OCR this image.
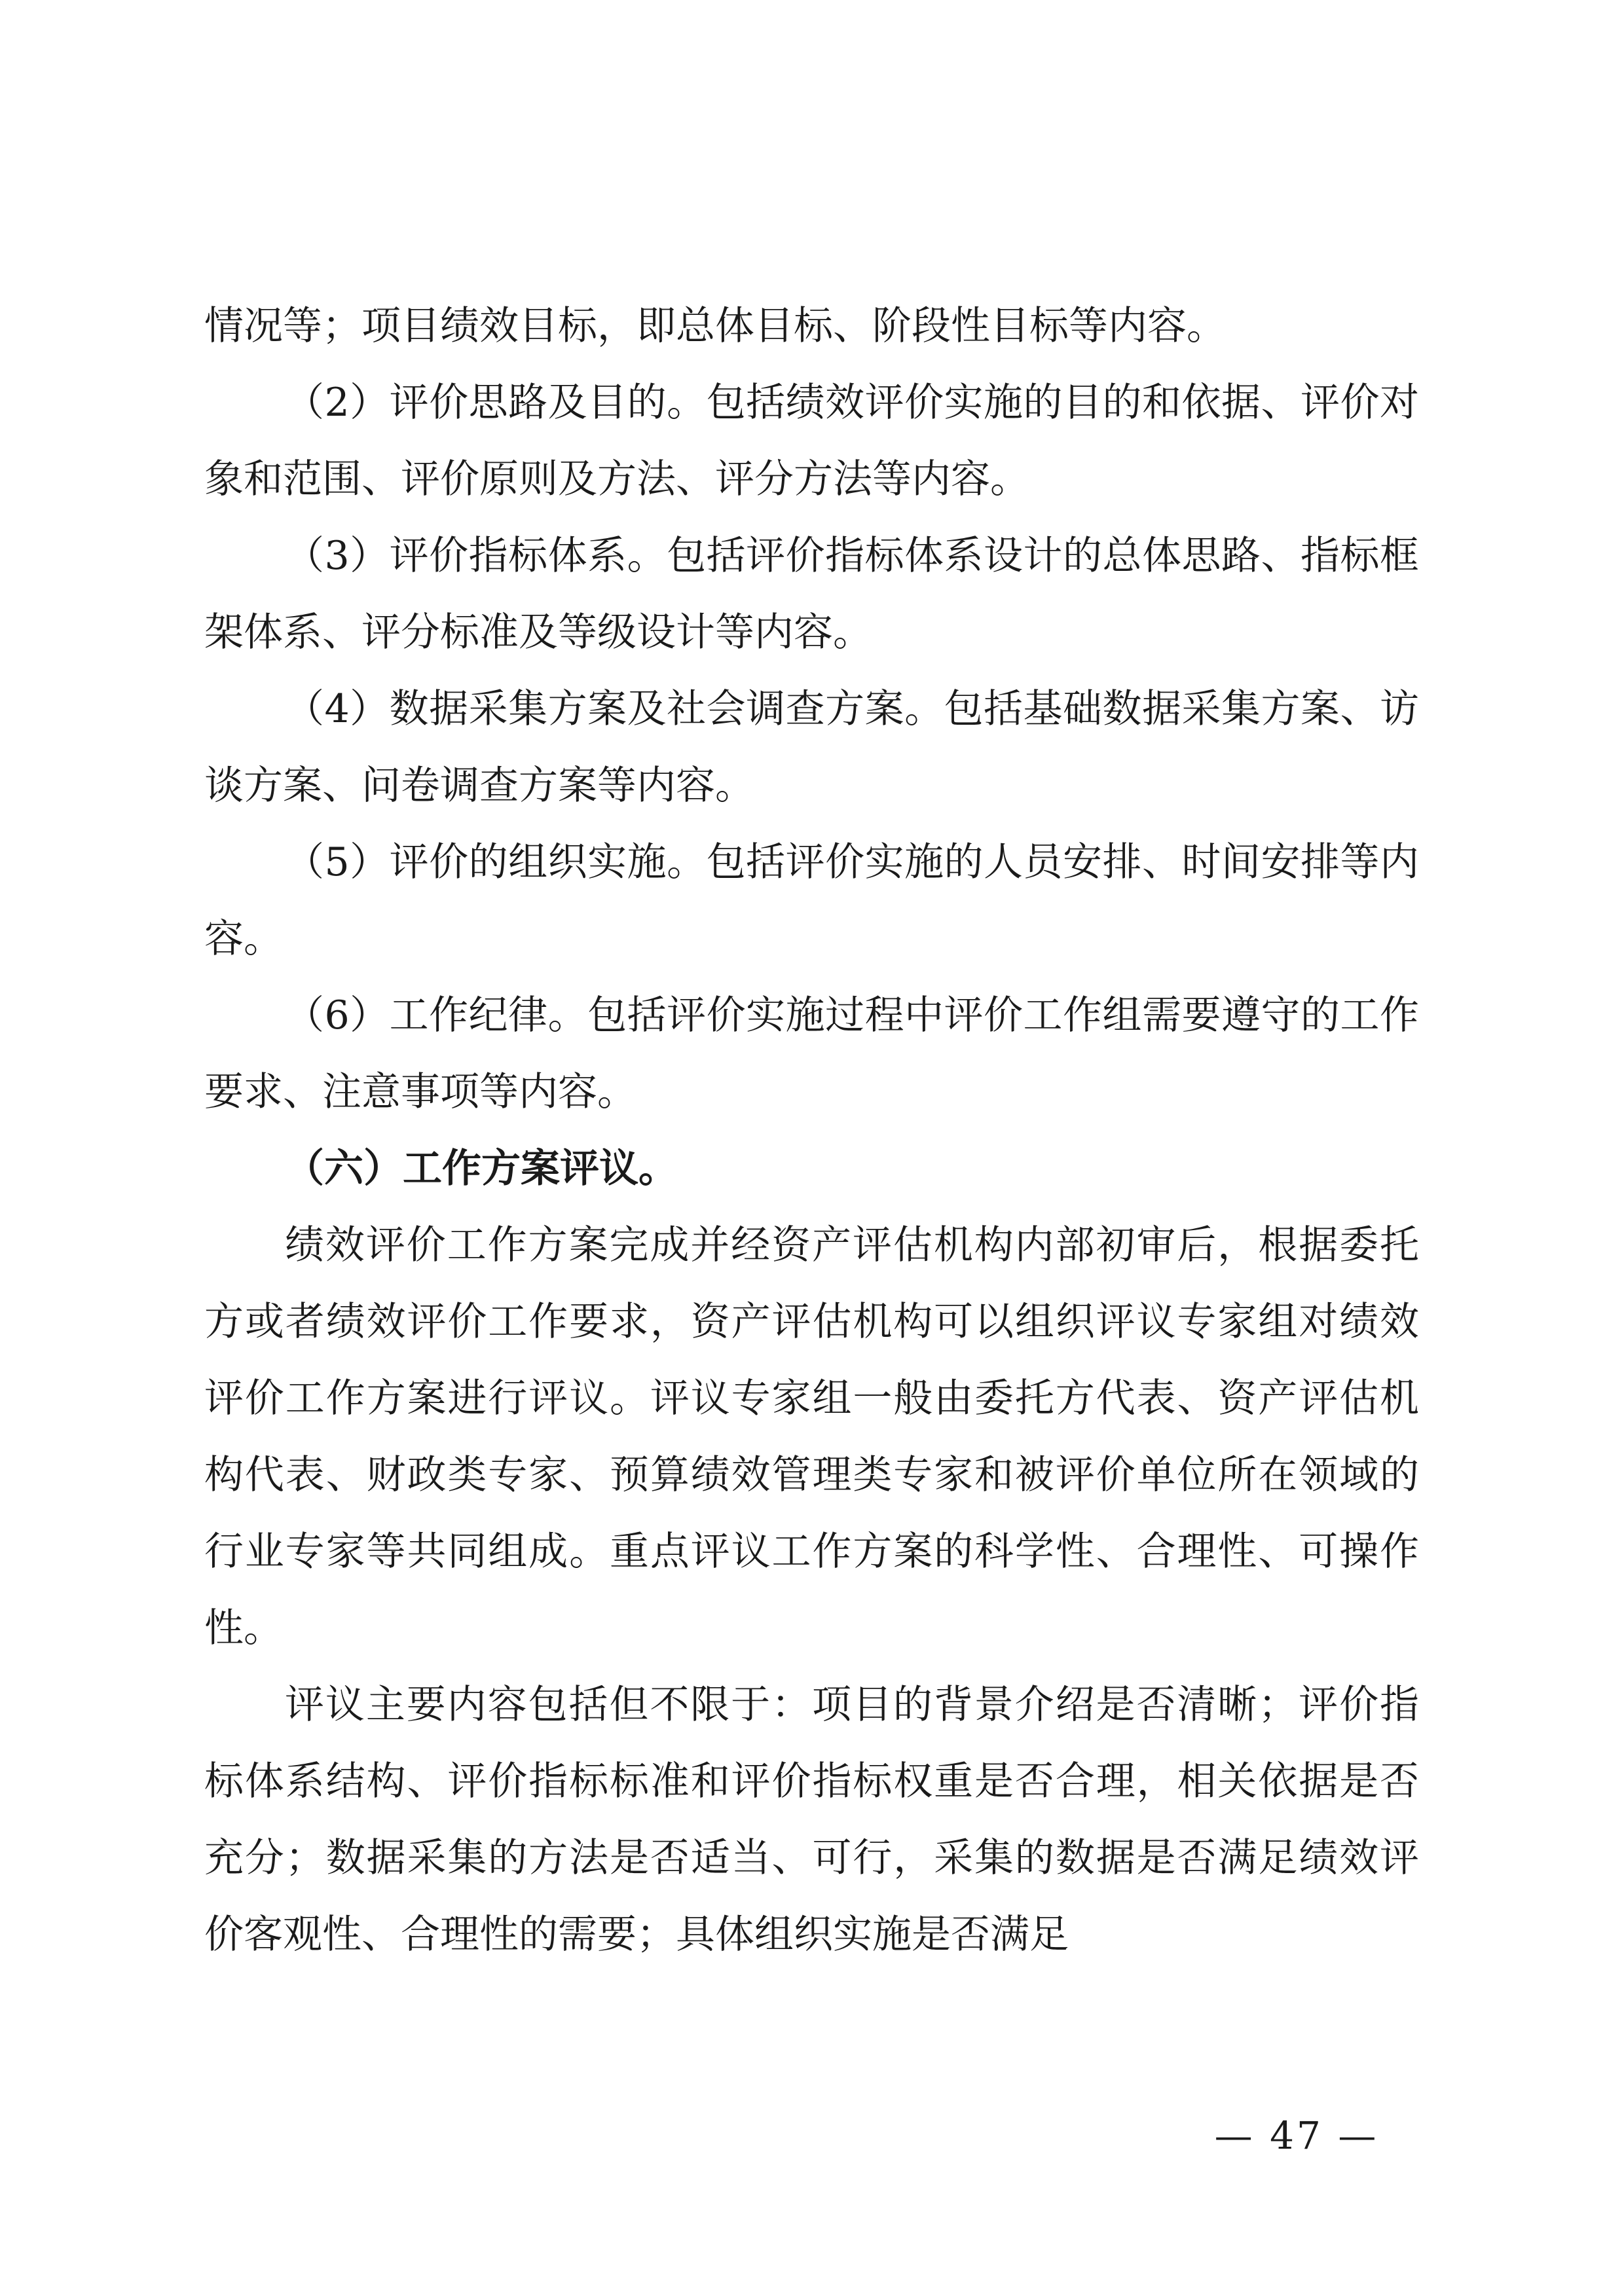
情况等；项目绩效目标，即总体目标、阶段性目标等内容。

（2）评价思路及目的。包括绩效评价实施的目的和依据、评价对象和范围、评价原则及方法、评分方法等内容。

（3）评价指标体系。包括评价指标体系设计的总体思路、指标框架体系、评分标准及等级设计等内容。

（4）数据采集方案及社会调查方案。包括基础数据采集方案、访谈方案、问卷调查方案等内容。

（5）评价的组织实施。包括评价实施的人员安排、时间安排等内容。

（6）工作纪律。包括评价实施过程中评价工作组需要遵守的工作要求、注意事项等内容。

（六）工作方案评议。

绩效评价工作方案完成并经资产评估机构内部初审后，根据委托方或者绩效评价工作要求，资产评估机构可以组织评议专家组对绩效评价工作方案进行评议。评议专家组一般由委托方代表、资产评估机构代表、财政类专家、预算绩效管理类专家和被评价单位所在领域的行业专家等共同组成。重点评议工作方案的科学性、合理性、可操作性。

评议主要内容包括但不限于：项目的背景介绍是否清晰；评价指标体系结构、评价指标标准和评价指标权重是否合理，相关依据是否充分；数据采集的方法是否适当、可行，采集的数据是否满足绩效评价客观性、合理性的需要；具体组织实施是否满足

— 47 —
